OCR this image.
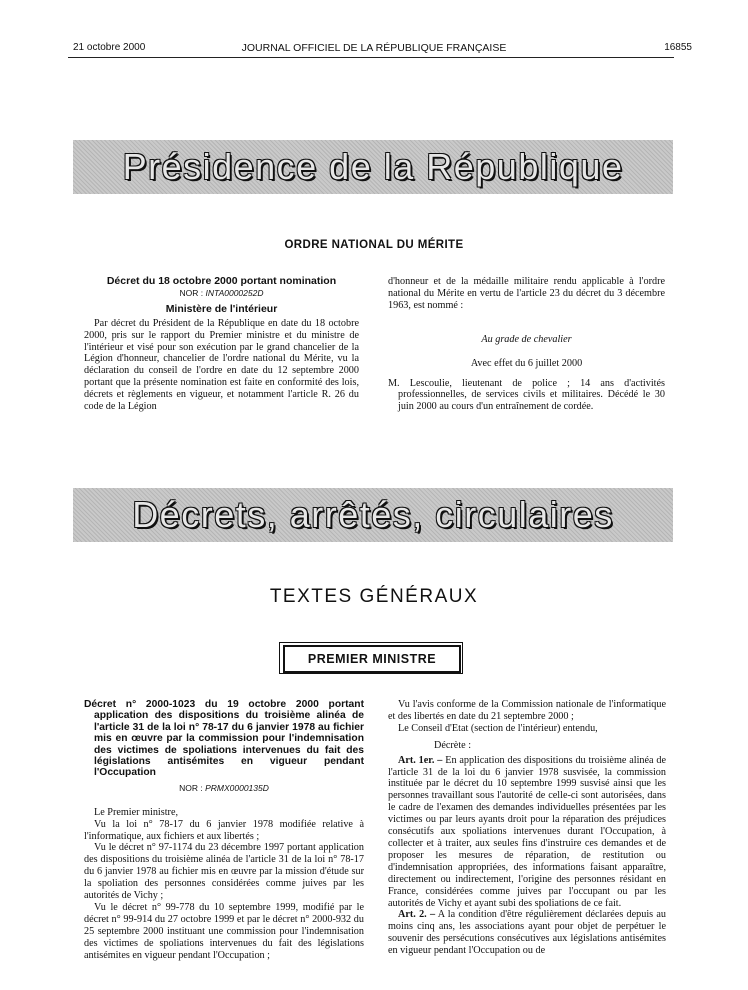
21 octobre 2000	JOURNAL OFFICIEL DE LA RÉPUBLIQUE FRANÇAISE	16855
Présidence de la République
ORDRE NATIONAL DU MÉRITE
Décret du 18 octobre 2000 portant nomination
NOR : INTA0000252D
Ministère de l'intérieur

Par décret du Président de la République en date du 18 octobre 2000, pris sur le rapport du Premier ministre et du ministre de l'intérieur et visé pour son exécution par le grand chancelier de la Légion d'honneur, chancelier de l'ordre national du Mérite, vu la déclaration du conseil de l'ordre en date du 12 septembre 2000 portant que la présente nomination est faite en conformité des lois, décrets et règlements en vigueur, et notamment l'article R. 26 du code de la Légion

d'honneur et de la médaille militaire rendu applicable à l'ordre national du Mérite en vertu de l'article 23 du décret du 3 décembre 1963, est nommé :

Au grade de chevalier
Avec effet du 6 juillet 2000

M. Lescoulie, lieutenant de police ; 14 ans d'activités professionnelles, de services civils et militaires. Décédé le 30 juin 2000 au cours d'un entraînement de cordée.

Décrets, arrêtés, circulaires
TEXTES GÉNÉRAUX
PREMIER MINISTRE
Décret n° 2000-1023 du 19 octobre 2000 portant application des dispositions du troisième alinéa de l'article 31 de la loi n° 78-17 du 6 janvier 1978 au fichier mis en œuvre par la commission pour l'indemnisation des victimes de spoliations intervenues du fait des législations antisémites en vigueur pendant l'Occupation
NOR : PRMX0000135D

Le Premier ministre,

Vu la loi n° 78-17 du 6 janvier 1978 modifiée relative à l'informatique, aux fichiers et aux libertés ;

Vu le décret n° 97-1174 du 23 décembre 1997 portant application des dispositions du troisième alinéa de l'article 31 de la loi n° 78-17 du 6 janvier 1978 au fichier mis en œuvre par la mission d'étude sur la spoliation des personnes considérées comme juives par les autorités de Vichy ;

Vu le décret n° 99-778 du 10 septembre 1999, modifié par le décret n° 99-914 du 27 octobre 1999 et par le décret n° 2000-932 du 25 septembre 2000 instituant une commission pour l'indemnisation des victimes de spoliations intervenues du fait des législations antisémites en vigueur pendant l'Occupation ;

Vu l'avis conforme de la Commission nationale de l'informatique et des libertés en date du 21 septembre 2000 ;

Le Conseil d'Etat (section de l'intérieur) entendu,

Décrète :

Art. 1er. – En application des dispositions du troisième alinéa de l'article 31 de la loi du 6 janvier 1978 susvisée, la commission instituée par le décret du 10 septembre 1999 susvisé ainsi que les personnes travaillant sous l'autorité de celle-ci sont autorisées, dans le cadre de l'examen des demandes individuelles présentées par les victimes ou par leurs ayants droit pour la réparation des préjudices consécutifs aux spoliations intervenues durant l'Occupation, à collecter et à traiter, aux seules fins d'instruire ces demandes et de proposer les mesures de réparation, de restitution ou d'indemnisation appropriées, des informations faisant apparaître, directement ou indirectement, l'origine des personnes résidant en France, considérées comme juives par l'occupant ou par les autorités de Vichy et ayant subi des spoliations de ce fait.

Art. 2. – A la condition d'être régulièrement déclarées depuis au moins cinq ans, les associations ayant pour objet de perpétuer le souvenir des persécutions consécutives aux législations antisémites en vigueur pendant l'Occupation ou de
